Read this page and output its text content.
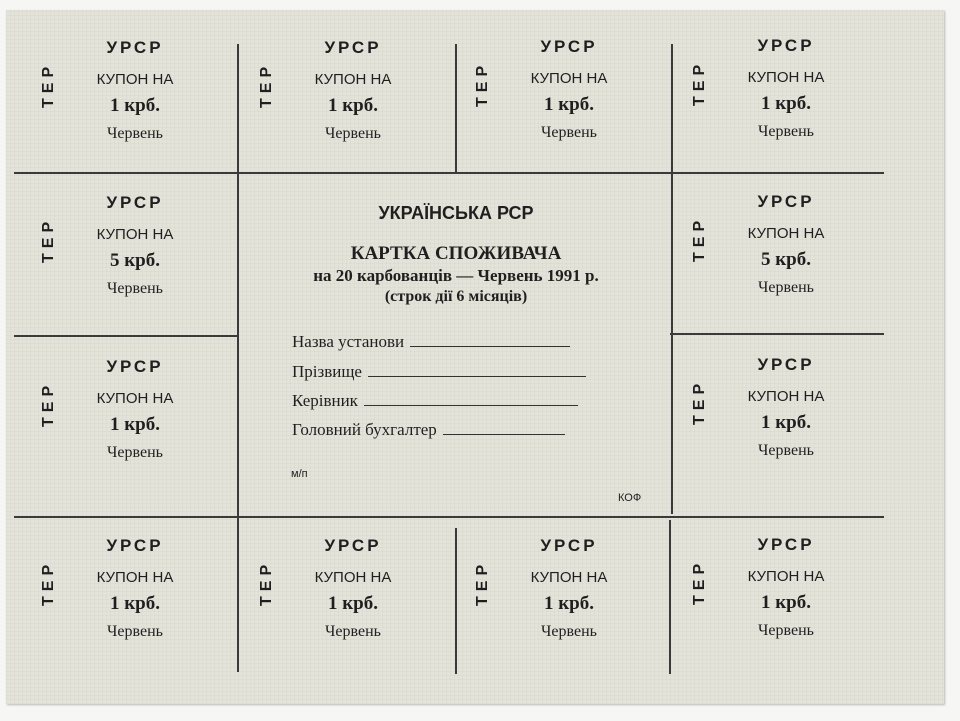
УРСР
ТЕР	КУПОН НА
1 крб.
Червень
УРСР
ТЕР	КУПОН НА
1 крб.
Червень
УРСР
ТЕР	КУПОН НА
1 крб.
Червень
УРСР
ТЕР	КУПОН НА
1 крб.
Червень
УРСР
ТЕР	КУПОН НА
5 крб.
Червень
УРСР
ТЕР	КУПОН НА
5 крб.
Червень
УРСР
ТЕР	КУПОН НА
1 крб.
Червень
УРСР
ТЕР	КУПОН НА
1 крб.
Червень
УРСР
ТЕР	КУПОН НА
1 крб.
Червень
УРСР
ТЕР	КУПОН НА
1 крб.
Червень
УРСР
ТЕР	КУПОН НА
1 крб.
Червень
УРСР
ТЕР	КУПОН НА
1 крб.
Червень
УКРАЇНСЬКА РСР
КАРТКА СПОЖИВАЧА
на 20 карбованців — Червень 1991 р.
(строк дії 6 місяців)
Назва установи
Прізвище
Керівник
Головний бухгалтер
м/п
КОФ
